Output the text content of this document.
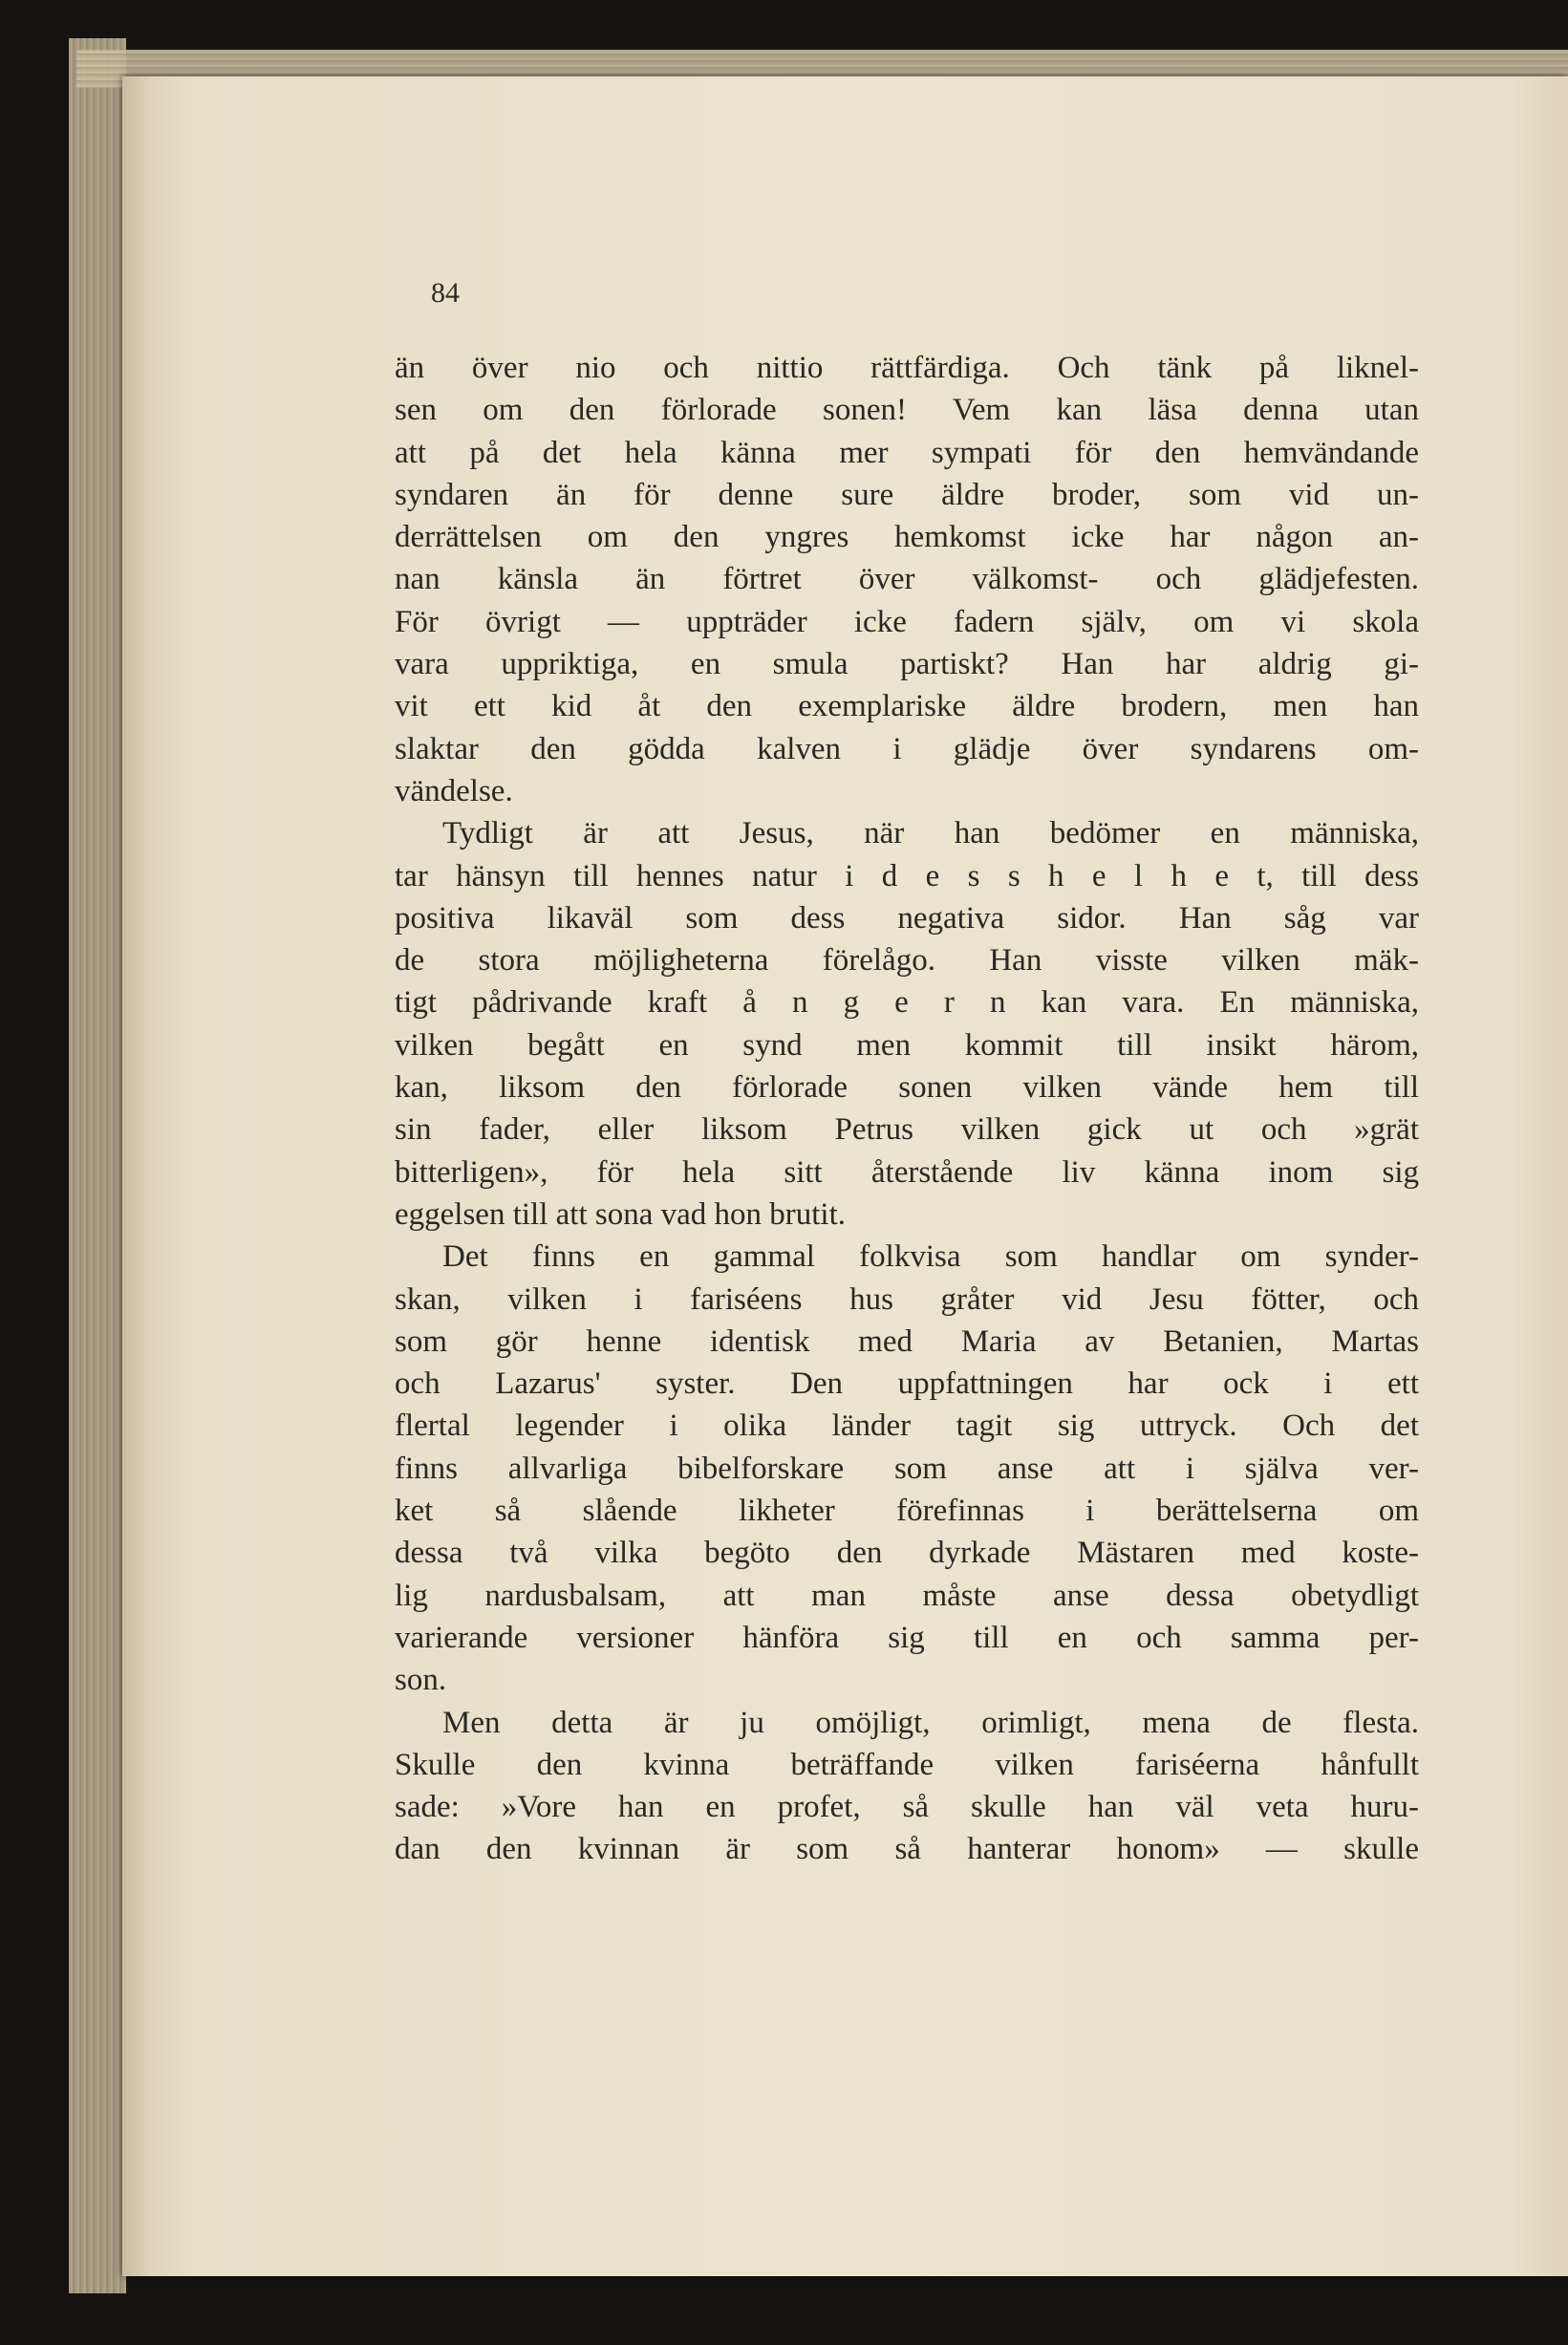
84
än över nio och nittio rättfärdiga. Och tänk på liknel-
sen om den förlorade sonen! Vem kan läsa denna utan
att på det hela känna mer sympati för den hemvändande
syndaren än för denne sure äldre broder, som vid un-
derrättelsen om den yngres hemkomst icke har någon an-
nan känsla än förtret över välkomst- och glädjefesten.
För övrigt — uppträder icke fadern själv, om vi skola
vara uppriktiga, en smula partiskt? Han har aldrig gi-
vit ett kid åt den exemplariske äldre brodern, men han
slaktar den gödda kalven i glädje över syndarens om-
vändelse.
Tydligt är att Jesus, när han bedömer en människa,
tar hänsyn till hennes natur i d e s s h e l h e t, till dess
positiva likaväl som dess negativa sidor. Han såg var
de stora möjligheterna förelågo. Han visste vilken mäk-
tigt pådrivande kraft å n g e r n kan vara. En människa,
vilken begått en synd men kommit till insikt härom,
kan, liksom den förlorade sonen vilken vände hem till
sin fader, eller liksom Petrus vilken gick ut och »grät
bitterligen», för hela sitt återstående liv känna inom sig
eggelsen till att sona vad hon brutit.
Det finns en gammal folkvisa som handlar om synder-
skan, vilken i fariséens hus gråter vid Jesu fötter, och
som gör henne identisk med Maria av Betanien, Martas
och Lazarus' syster. Den uppfattningen har ock i ett
flertal legender i olika länder tagit sig uttryck. Och det
finns allvarliga bibelforskare som anse att i själva ver-
ket så slående likheter förefinnas i berättelserna om
dessa två vilka begöto den dyrkade Mästaren med koste-
lig nardusbalsam, att man måste anse dessa obetydligt
varierande versioner hänföra sig till en och samma per-
son.
Men detta är ju omöjligt, orimligt, mena de flesta.
Skulle den kvinna beträffande vilken fariséerna hånfullt
sade: »Vore han en profet, så skulle han väl veta huru-
dan den kvinnan är som så hanterar honom» — skulle
